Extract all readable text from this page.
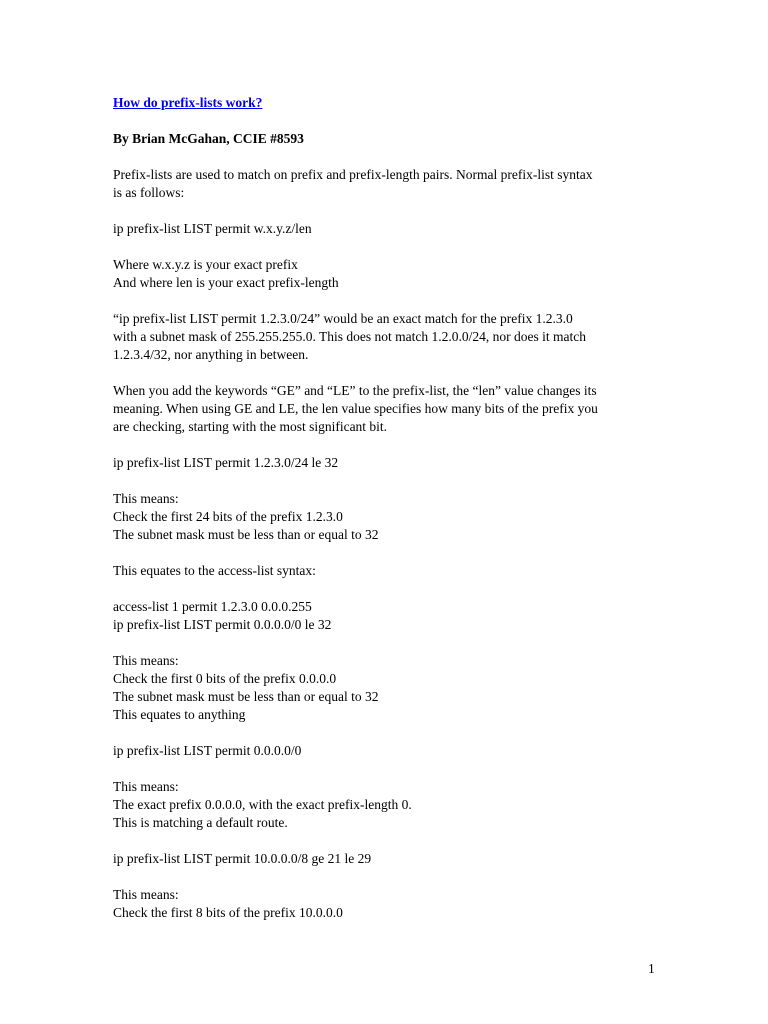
How do prefix-lists work?

By Brian McGahan, CCIE #8593

Prefix-lists are used to match on prefix and prefix-length pairs. Normal prefix-list syntax
is as follows:

ip prefix-list LIST permit w.x.y.z/len

Where w.x.y.z is your exact prefix
And where len is your exact prefix-length

“ip prefix-list LIST permit 1.2.3.0/24” would be an exact match for the prefix 1.2.3.0
with a subnet mask of 255.255.255.0. This does not match 1.2.0.0/24, nor does it match
1.2.3.4/32, nor anything in between.

When you add the keywords “GE” and “LE” to the prefix-list, the “len” value changes its
meaning. When using GE and LE, the len value specifies how many bits of the prefix you
are checking, starting with the most significant bit.

ip prefix-list LIST permit 1.2.3.0/24 le 32

This means:
Check the first 24 bits of the prefix 1.2.3.0
The subnet mask must be less than or equal to 32

This equates to the access-list syntax:

access-list 1 permit 1.2.3.0 0.0.0.255
ip prefix-list LIST permit 0.0.0.0/0 le 32

This means:
Check the first 0 bits of the prefix 0.0.0.0
The subnet mask must be less than or equal to 32
This equates to anything

ip prefix-list LIST permit 0.0.0.0/0

This means:
The exact prefix 0.0.0.0, with the exact prefix-length 0.
This is matching a default route.

ip prefix-list LIST permit 10.0.0.0/8 ge 21 le 29

This means:
Check the first 8 bits of the prefix 10.0.0.0

1
